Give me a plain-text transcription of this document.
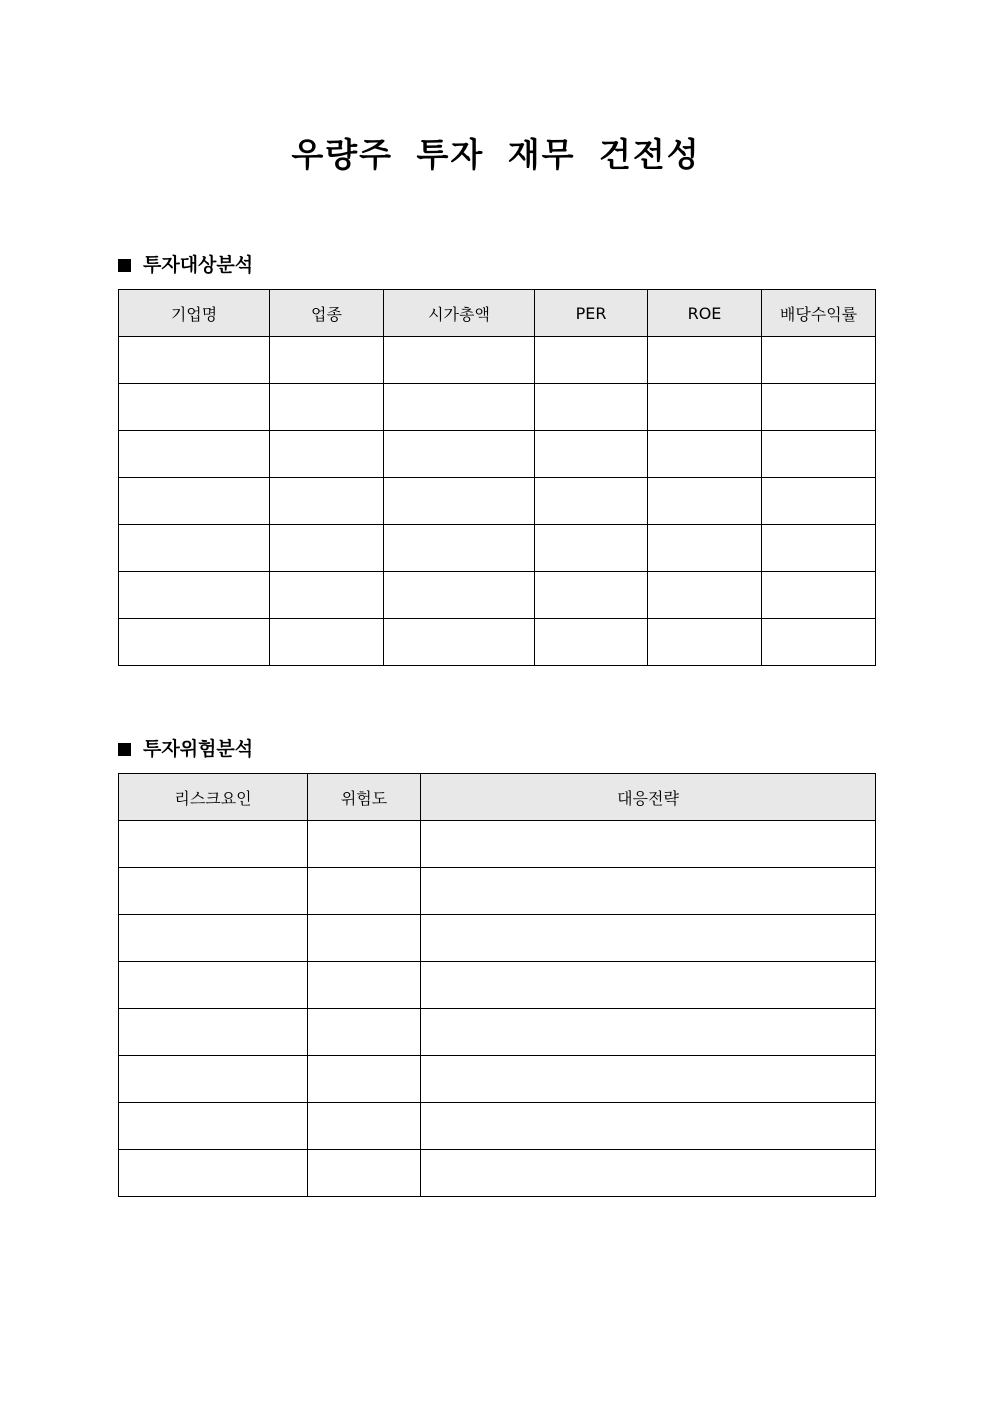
우량주 투자 재무 건전성
투자대상분석
기업명	업종	시가총액	PER	ROE	배당수익률

투자위험분석
리스크요인	위험도	대응전략
